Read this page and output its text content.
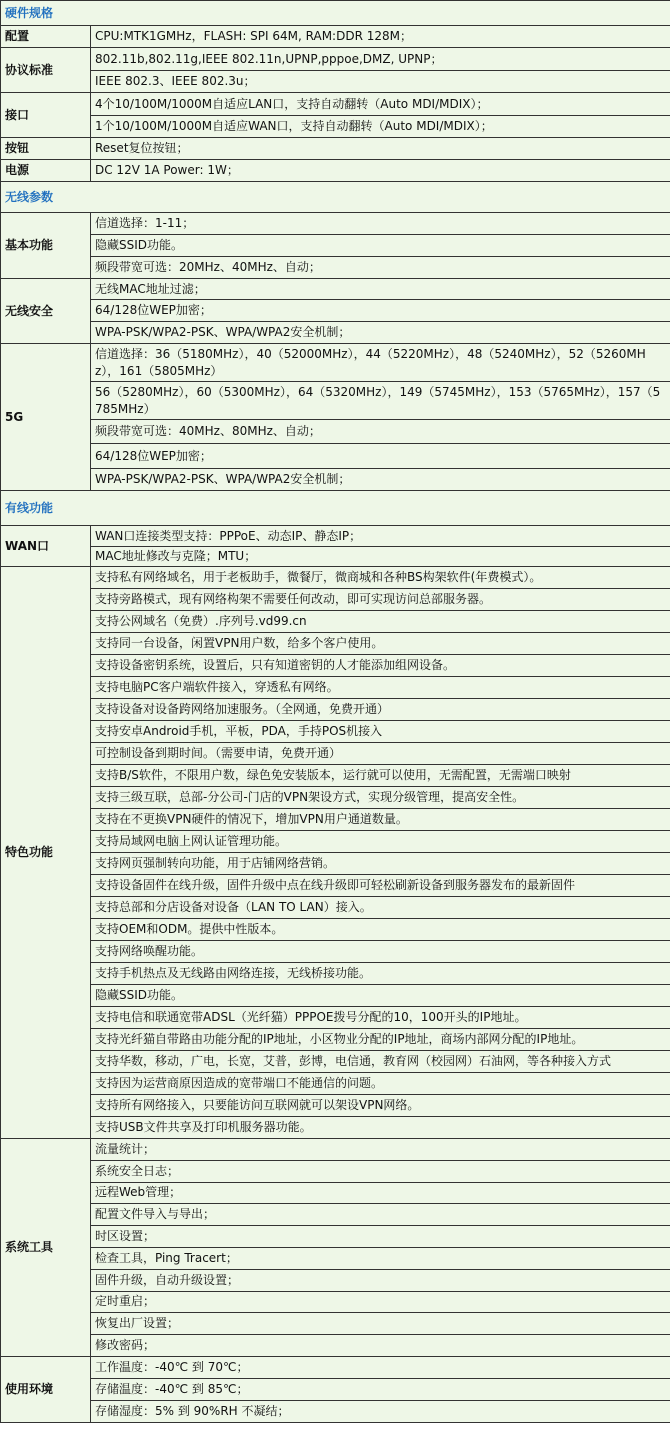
硬件规格	
配置	CPU:MTK1GMHz，FLASH: SPI 64M, RAM:DDR 128M；
协议标准	802.11b,802.11g,IEEE 802.11n,UPNP,pppoe,DMZ, UPNP；
	IEEE 802.3、IEEE 802.3u；
接口	4个10/100M/1000M自适应LAN口，支持自动翻转（Auto MDI/MDIX）；
	1个10/100M/1000M自适应WAN口，支持自动翻转（Auto MDI/MDIX）；
按钮	Reset复位按钮；
电源	DC 12V 1A Power: 1W；
无线参数	
基本功能	信道选择：1-11；
	隐藏SSID功能。
	频段带宽可选：20MHz、40MHz、自动；
无线安全	无线MAC地址过滤；
	64/128位WEP加密；
	WPA-PSK/WPA2-PSK、WPA/WPA2安全机制；
5G	信道选择：36（5180MHz），40（52000MHz），44（5220MHz），48（5240MHz），52（5260MHz），161（5805MHz）
	56（5280MHz），60（5300MHz），64（5320MHz），149（5745MHz），153（5765MHz），157（5785MHz）
	频段带宽可选：40MHz、80MHz、自动；
	64/128位WEP加密；
	WPA-PSK/WPA2-PSK、WPA/WPA2安全机制；
有线功能	
WAN口	WAN口连接类型支持：PPPoE、动态IP、静态IP；
	MAC地址修改与克隆；MTU；
特色功能	支持私有网络域名，用于老板助手，微餐厅，微商城和各种BS构架软件(年费模式）。
	支持旁路模式，现有网络构架不需要任何改动，即可实现访问总部服务器。
	支持公网域名（免费）.序列号.vd99.cn
	支持同一台设备，闲置VPN用户数，给多个客户使用。
	支持设备密钥系统，设置后，只有知道密钥的人才能添加组网设备。
	支持电脑PC客户端软件接入，穿透私有网络。
	支持设备对设备跨网络加速服务。（全网通，免费开通）
	支持安卓Android手机，平板，PDA，手持POS机接入
	可控制设备到期时间。（需要申请，免费开通）
	支持B/S软件，不限用户数，绿色免安装版本，运行就可以使用，无需配置，无需端口映射
	支持三级互联，总部-分公司-门店的VPN架设方式，实现分级管理，提高安全性。
	支持在不更换VPN硬件的情况下，增加VPN用户通道数量。
	支持局域网电脑上网认证管理功能。
	支持网页强制转向功能，用于店铺网络营销。
	支持设备固件在线升级，固件升级中点在线升级即可轻松刷新设备到服务器发布的最新固件
	支持总部和分店设备对设备（LAN TO LAN）接入。
	支持OEM和ODM。提供中性版本。
	支持网络唤醒功能。
	支持手机热点及无线路由网络连接，无线桥接功能。
	隐藏SSID功能。
	支持电信和联通宽带ADSL（光纤猫）PPPOE拨号分配的10，100开头的IP地址。
	支持光纤猫自带路由功能分配的IP地址，小区物业分配的IP地址，商场内部网分配的IP地址。
	支持华数，移动，广电，长宽，艾普，彭博，电信通，教育网（校园网）石油网，等各种接入方式
	支持因为运营商原因造成的宽带端口不能通信的问题。
	支持所有网络接入，只要能访问互联网就可以架设VPN网络。
	支持USB文件共享及打印机服务器功能。
系统工具	流量统计；
	系统安全日志；
	远程Web管理；
	配置文件导入与导出；
	时区设置；
	检查工具，Ping Tracert；
	固件升级，自动升级设置；
	定时重启；
	恢复出厂设置；
	修改密码；
使用环境	工作温度：-40℃ 到 70℃；
	存储温度：-40℃ 到 85℃；
	存储湿度：5% 到 90%RH 不凝结；
